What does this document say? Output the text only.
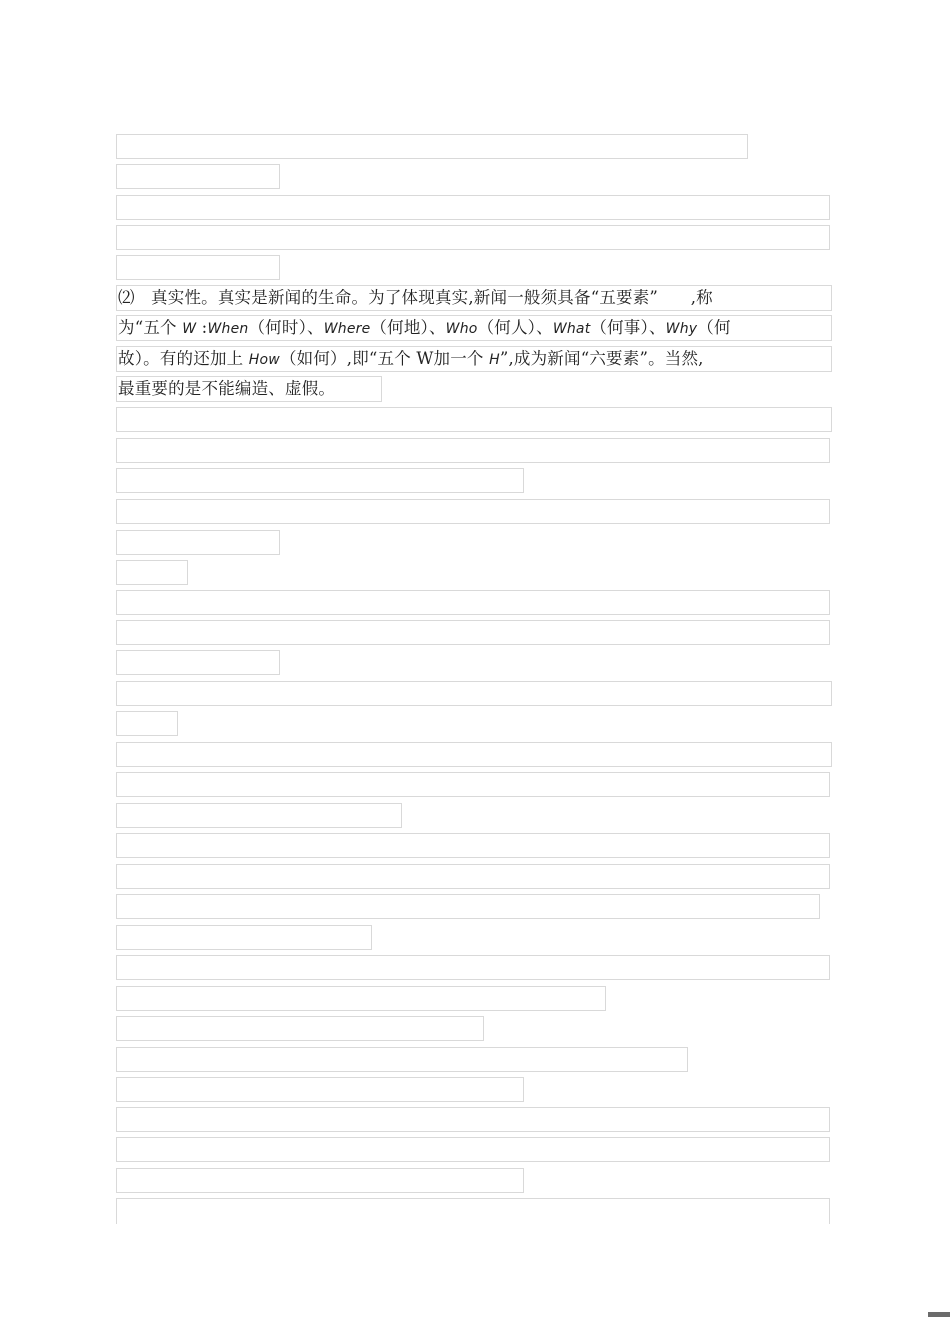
⑵ 真实性。真实是新闻的生命。为了体现真实,新闻一般须具备“五要素” ,称
为“五个 W :When（何时）、Where（何地）、Who（何人）、What（何事）、Why（何
故）。有的还加上 How（如何）,即“五个 W加一个 H”,成为新闻“六要素”。当然,
最重要的是不能编造、虚假。
